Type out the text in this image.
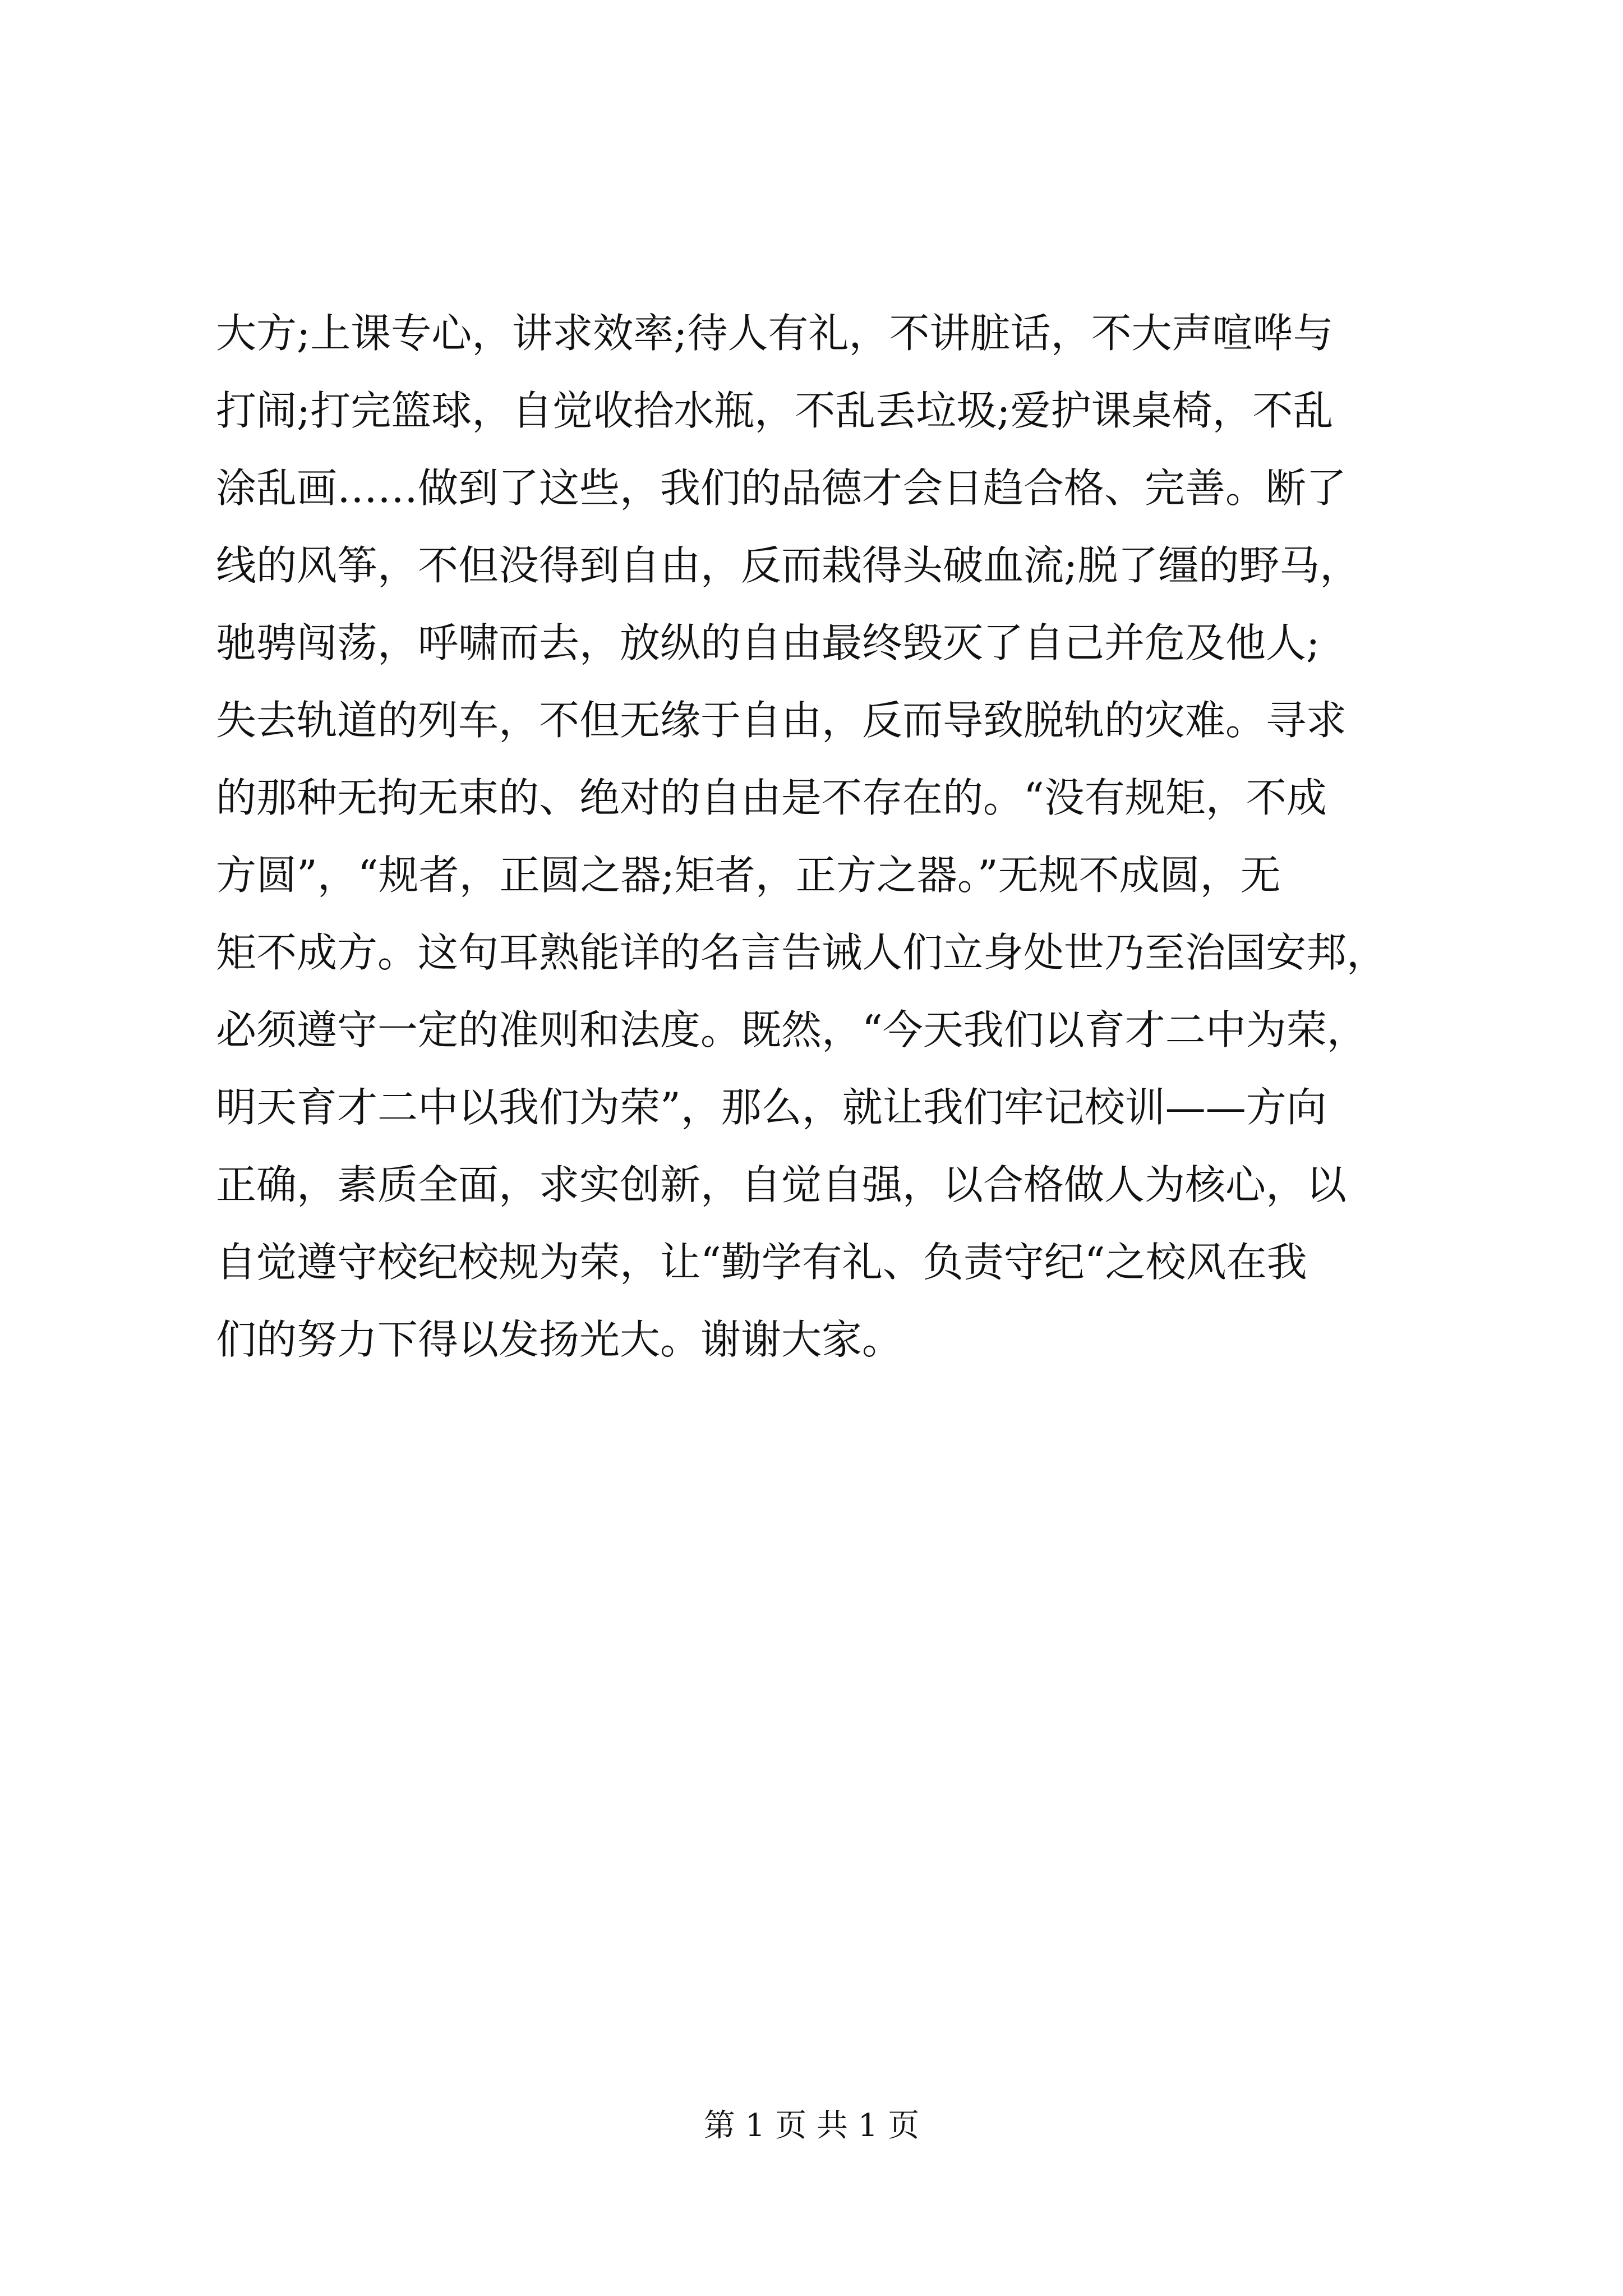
大方;上课专心，讲求效率;待人有礼，不讲脏话，不大声喧哗与
打闹;打完篮球，自觉收拾水瓶，不乱丢垃圾;爱护课桌椅，不乱
涂乱画……做到了这些，我们的品德才会日趋合格、完善。断了
线的风筝，不但没得到自由，反而栽得头破血流;脱了缰的野马，
驰骋闯荡，呼啸而去，放纵的自由最终毁灭了自己并危及他人;
失去轨道的列车，不但无缘于自由，反而导致脱轨的灾难。寻求
的那种无拘无束的、绝对的自由是不存在的。“没有规矩，不成
方圆”，“规者，正圆之器;矩者，正方之器。”无规不成圆，无
矩不成方。这句耳熟能详的名言告诫人们立身处世乃至治国安邦，
必须遵守一定的准则和法度。既然，“今天我们以育才二中为荣，
明天育才二中以我们为荣”，那么，就让我们牢记校训——方向
正确，素质全面，求实创新，自觉自强，以合格做人为核心，以
自觉遵守校纪校规为荣，让“勤学有礼、负责守纪“之校风在我
们的努力下得以发扬光大。谢谢大家。
第 1 页 共 1 页
